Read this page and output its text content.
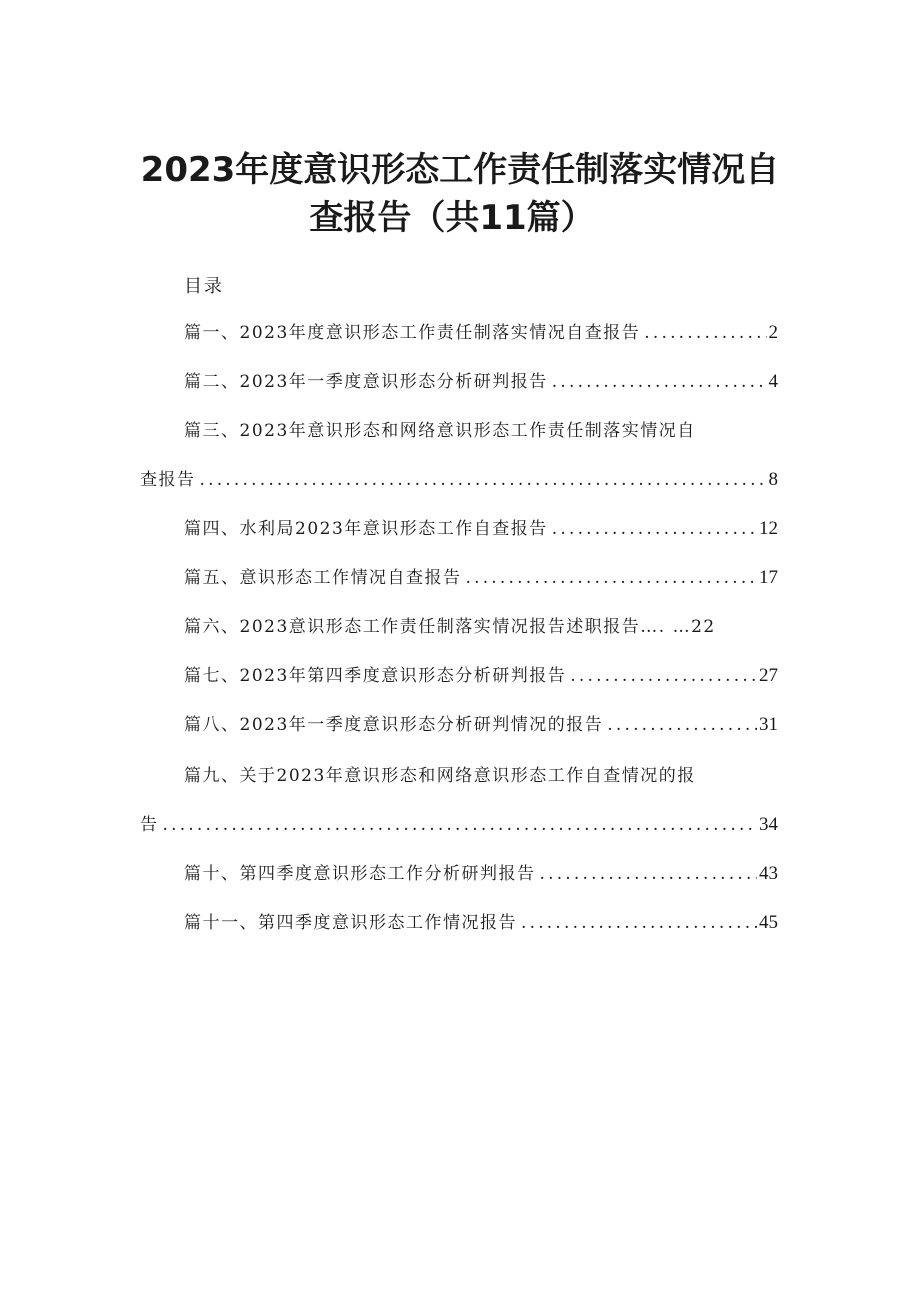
2023年度意识形态工作责任制落实情况自
查报告（共11篇）
目录
篇一、2023年度意识形态工作责任制落实情况自查报告 .....	2
篇二、2023年一季度意识形态分析研判报告 .....	4
篇三、2023年意识形态和网络意识形态工作责任制落实情况自
查报告 .....	8
篇四、水利局2023年意识形态工作自查报告 .....	12
篇五、意识形态工作情况自查报告 .....	17
篇六、2023意识形态工作责任制落实情况报告述职报告…. …22
篇七、2023年第四季度意识形态分析研判报告 .....	27
篇八、2023年一季度意识形态分析研判情况的报告 .....	31
篇九、关于2023年意识形态和网络意识形态工作自查情况的报
告 .....	34
篇十、第四季度意识形态工作分析研判报告 .....	43
篇十一、第四季度意识形态工作情况报告 .....	45
